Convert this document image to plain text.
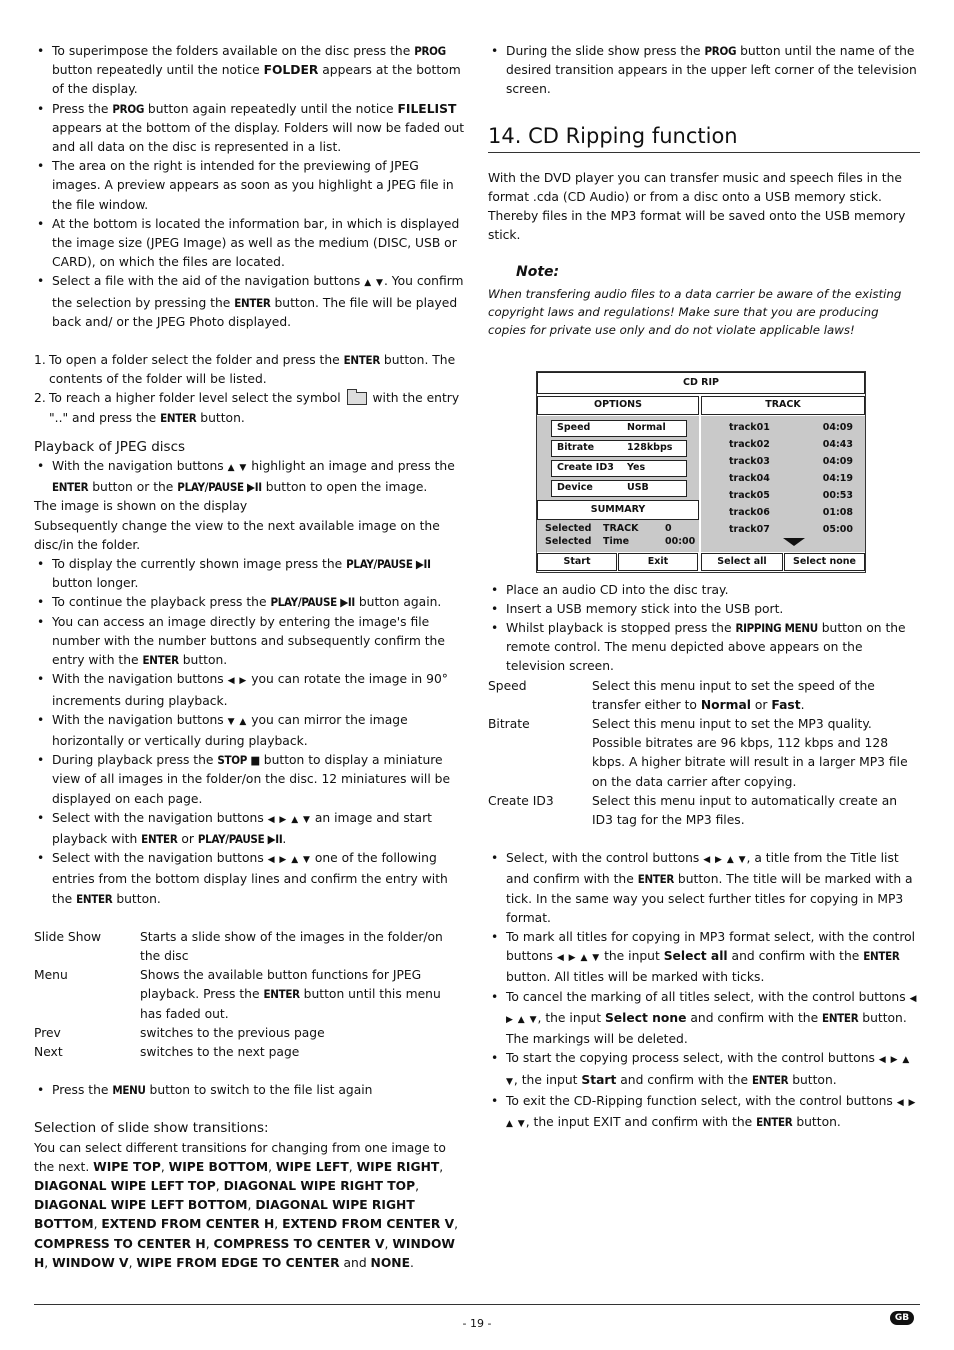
• To superimpose the folders available on the disc press the PROG button repeatedly until the notice FOLDER appears at the bottom of the display.
• Press the PROG button again repeatedly until the notice FILELIST appears at the bottom of the display. Folders will now be faded out and all data on the disc is represented in a list.
• The area on the right is intended for the previewing of JPEG images. A preview appears as soon as you highlight a JPEG file in the file window.
• At the bottom is located the information bar, in which is displayed the image size (JPEG Image) as well as the medium (DISC, USB or CARD), on which the files are located.
• Select a file with the aid of the navigation buttons ▲ ▼. You confirm the selection by pressing the ENTER button. The file will be played back and/ or the JPEG Photo displayed.
1. To open a folder select the folder and press the ENTER button. The contents of the folder will be listed.
2. To reach a higher folder level select the symbol  with the entry ".." and press the ENTER button.
Playback of JPEG discs
• With the navigation buttons ▲ ▼ highlight an image and press the ENTER button or the PLAY/PAUSE ▶II button to open the image.
The image is shown on the display
Subsequently change the view to the next available image on the disc/in the folder.
• To display the currently shown image press the PLAY/PAUSE ▶II button longer.
• To continue the playback press the PLAY/PAUSE ▶II button again.
• You can access an image directly by entering the image's file number with the number buttons and subsequently confirm the entry with the ENTER button.
• With the navigation buttons ◀ ▶ you can rotate the image in 90° increments during playback.
• With the navigation buttons ▼ ▲ you can mirror the image horizontally or vertically during playback.
• During playback press the STOP ■ button to display a miniature view of all images in the folder/on the disc. 12 miniatures will be displayed on each page.
• Select with the navigation buttons ◀ ▶ ▲ ▼ an image and start playback with ENTER or PLAY/PAUSE ▶II.
• Select with the navigation buttons ◀ ▶ ▲ ▼ one of the following entries from the bottom display lines and confirm the entry with the ENTER button.
Slide Show	Starts a slide show of the images in the folder/on the disc
Menu	Shows the available button functions for JPEG playback. Press the ENTER button until this menu has faded out.
Prev	switches to the previous page
Next	switches to the next page
• Press the MENU button to switch to the file list again
Selection of slide show transitions:
You can select different transitions for changing from one image to the next. WIPE TOP, WIPE BOTTOM, WIPE LEFT, WIPE RIGHT, DIAGONAL WIPE LEFT TOP, DIAGONAL WIPE RIGHT TOP, DIAGONAL WIPE LEFT BOTTOM, DIAGONAL WIPE RIGHT BOTTOM, EXTEND FROM CENTER H, EXTEND FROM CENTER V, COMPRESS TO CENTER H, COMPRESS TO CENTER V, WINDOW H, WINDOW V, WIPE FROM EDGE TO CENTER and NONE.
• During the slide show press the PROG button until the name of the desired transition appears in the upper left corner of the television screen.
14. CD Ripping function
With the DVD player you can transfer music and speech files in the format .cda (CD Audio) or from a disc onto a USB memory stick. Thereby files in the MP3 format will be saved onto the USB memory stick.
Note:
When transfering audio files to a data carrier be aware of the existing copyright laws and regulations! Make sure that you are producing copies for private use only and do not violate applicable laws!
CD RIP
OPTIONS	TRACK
Speed	Normal
Bitrate	128kbps
Create ID3	Yes
Device	USB
track01	04:09
track02	04:43
track03	04:09
track04	04:19
track05	00:53
track06	01:08
track07	05:00
SUMMARY
Selected	TRACK	0
Selected	Time	00:00
Start	Exit	Select all	Select none
• Place an audio CD into the disc tray.
• Insert a USB memory stick into the USB port.
• Whilst playback is stopped press the RIPPING MENU button on the remote control. The menu depicted above appears on the television screen.
Speed	Select this menu input to set the speed of the transfer either to Normal or Fast.
Bitrate	Select this menu input to set the MP3 quality. Possible bitrates are 96 kbps, 112 kbps and 128 kbps. A higher bitrate will result in a larger MP3 file on the data carrier after copying.
Create ID3	Select this menu input to automatically create an ID3 tag for the MP3 files.
• Select, with the control buttons ◀ ▶ ▲ ▼, a title from the Title list and confirm with the ENTER button. The title will be marked with a tick. In the same way you select further titles for copying in MP3 format.
• To mark all titles for copying in MP3 format select, with the control buttons ◀ ▶ ▲ ▼ the input Select all and confirm with the ENTER button. All titles will be marked with ticks.
• To cancel the marking of all titles select, with the control buttons ◀ ▶ ▲ ▼, the input Select none and confirm with the ENTER button. The markings will be deleted.
• To start the copying process select, with the control buttons ◀ ▶ ▲ ▼, the input Start and confirm with the ENTER button.
• To exit the CD-Ripping function select, with the control buttons ◀ ▶ ▲ ▼, the input EXIT and confirm with the ENTER button.
- 19 -	GB
